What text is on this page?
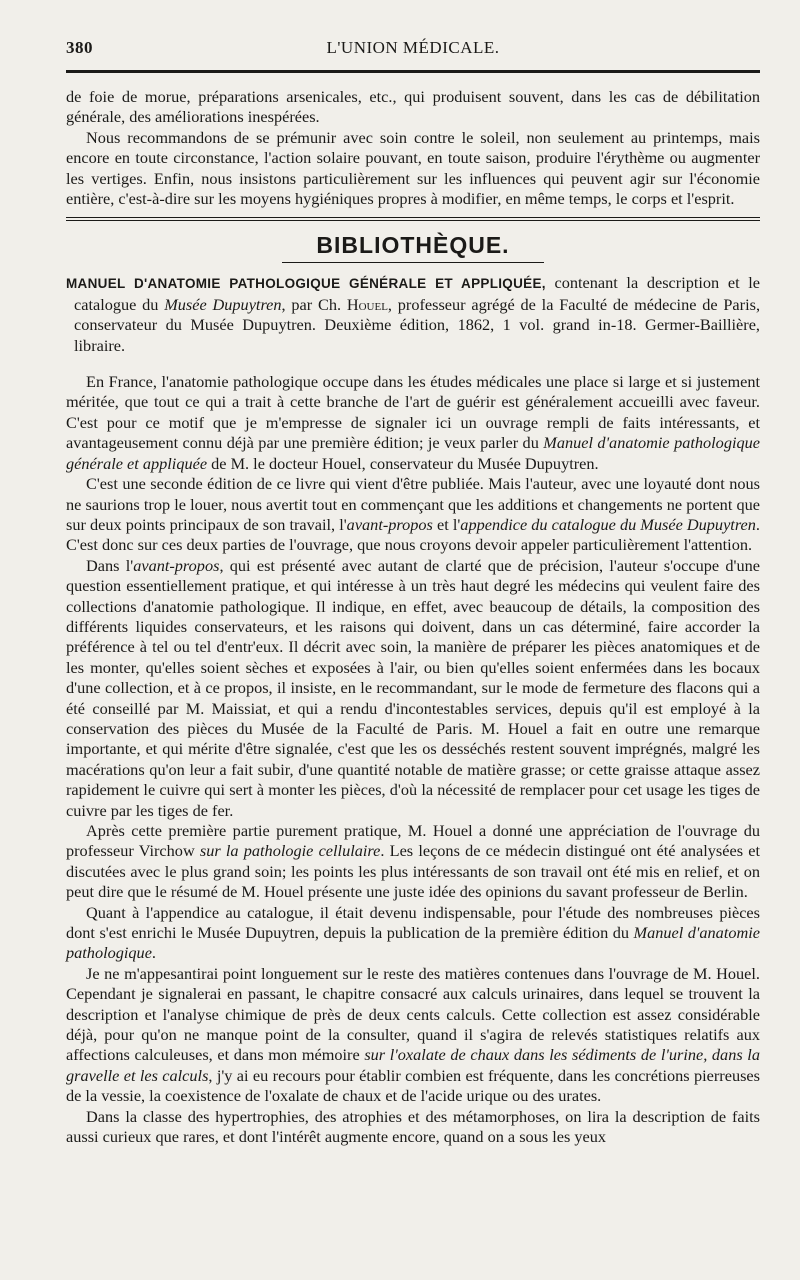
380	L'UNION MÉDICALE.

de foie de morue, préparations arsenicales, etc., qui produisent souvent, dans les cas de débilitation générale, des améliorations inespérées.

Nous recommandons de se prémunir avec soin contre le soleil, non seulement au printemps, mais encore en toute circonstance, l'action solaire pouvant, en toute saison, produire l'érythème ou augmenter les vertiges. Enfin, nous insistons particulièrement sur les influences qui peuvent agir sur l'économie entière, c'est-à-dire sur les moyens hygiéniques propres à modifier, en même temps, le corps et l'esprit.

BIBLIOTHÈQUE.

MANUEL D'ANATOMIE PATHOLOGIQUE GÉNÉRALE ET APPLIQUÉE, contenant la description et le catalogue du Musée Dupuytren, par Ch. Houel, professeur agrégé de la Faculté de médecine de Paris, conservateur du Musée Dupuytren. Deuxième édition, 1862, 1 vol. grand in-18. Germer-Baillière, libraire.

En France, l'anatomie pathologique occupe dans les études médicales une place si large et si justement méritée, que tout ce qui a trait à cette branche de l'art de guérir est généralement accueilli avec faveur. C'est pour ce motif que je m'empresse de signaler ici un ouvrage rempli de faits intéressants, et avantageusement connu déjà par une première édition; je veux parler du Manuel d'anatomie pathologique générale et appliquée de M. le docteur Houel, conservateur du Musée Dupuytren.

C'est une seconde édition de ce livre qui vient d'être publiée. Mais l'auteur, avec une loyauté dont nous ne saurions trop le louer, nous avertit tout en commençant que les additions et changements ne portent que sur deux points principaux de son travail, l'avant-propos et l'appendice du catalogue du Musée Dupuytren. C'est donc sur ces deux parties de l'ouvrage, que nous croyons devoir appeler particulièrement l'attention.

Dans l'avant-propos, qui est présenté avec autant de clarté que de précision, l'auteur s'occupe d'une question essentiellement pratique, et qui intéresse à un très haut degré les médecins qui veulent faire des collections d'anatomie pathologique. Il indique, en effet, avec beaucoup de détails, la composition des différents liquides conservateurs, et les raisons qui doivent, dans un cas déterminé, faire accorder la préférence à tel ou tel d'entr'eux. Il décrit avec soin, la manière de préparer les pièces anatomiques et de les monter, qu'elles soient sèches et exposées à l'air, ou bien qu'elles soient enfermées dans les bocaux d'une collection, et à ce propos, il insiste, en le recommandant, sur le mode de fermeture des flacons qui a été conseillé par M. Maissiat, et qui a rendu d'incontestables services, depuis qu'il est employé à la conservation des pièces du Musée de la Faculté de Paris. M. Houel a fait en outre une remarque importante, et qui mérite d'être signalée, c'est que les os desséchés restent souvent imprégnés, malgré les macérations qu'on leur a fait subir, d'une quantité notable de matière grasse; or cette graisse attaque assez rapidement le cuivre qui sert à monter les pièces, d'où la nécessité de remplacer pour cet usage les tiges de cuivre par les tiges de fer.

Après cette première partie purement pratique, M. Houel a donné une appréciation de l'ouvrage du professeur Virchow sur la pathologie cellulaire. Les leçons de ce médecin distingué ont été analysées et discutées avec le plus grand soin; les points les plus intéressants de son travail ont été mis en relief, et on peut dire que le résumé de M. Houel présente une juste idée des opinions du savant professeur de Berlin.

Quant à l'appendice au catalogue, il était devenu indispensable, pour l'étude des nombreuses pièces dont s'est enrichi le Musée Dupuytren, depuis la publication de la première édition du Manuel d'anatomie pathologique.

Je ne m'appesantirai point longuement sur le reste des matières contenues dans l'ouvrage de M. Houel. Cependant je signalerai en passant, le chapitre consacré aux calculs urinaires, dans lequel se trouvent la description et l'analyse chimique de près de deux cents calculs. Cette collection est assez considérable déjà, pour qu'on ne manque point de la consulter, quand il s'agira de relevés statistiques relatifs aux affections calculeuses, et dans mon mémoire sur l'oxalate de chaux dans les sédiments de l'urine, dans la gravelle et les calculs, j'y ai eu recours pour établir combien est fréquente, dans les concrétions pierreuses de la vessie, la coexistence de l'oxalate de chaux et de l'acide urique ou des urates.

Dans la classe des hypertrophies, des atrophies et des métamorphoses, on lira la description de faits aussi curieux que rares, et dont l'intérêt augmente encore, quand on a sous les yeux
